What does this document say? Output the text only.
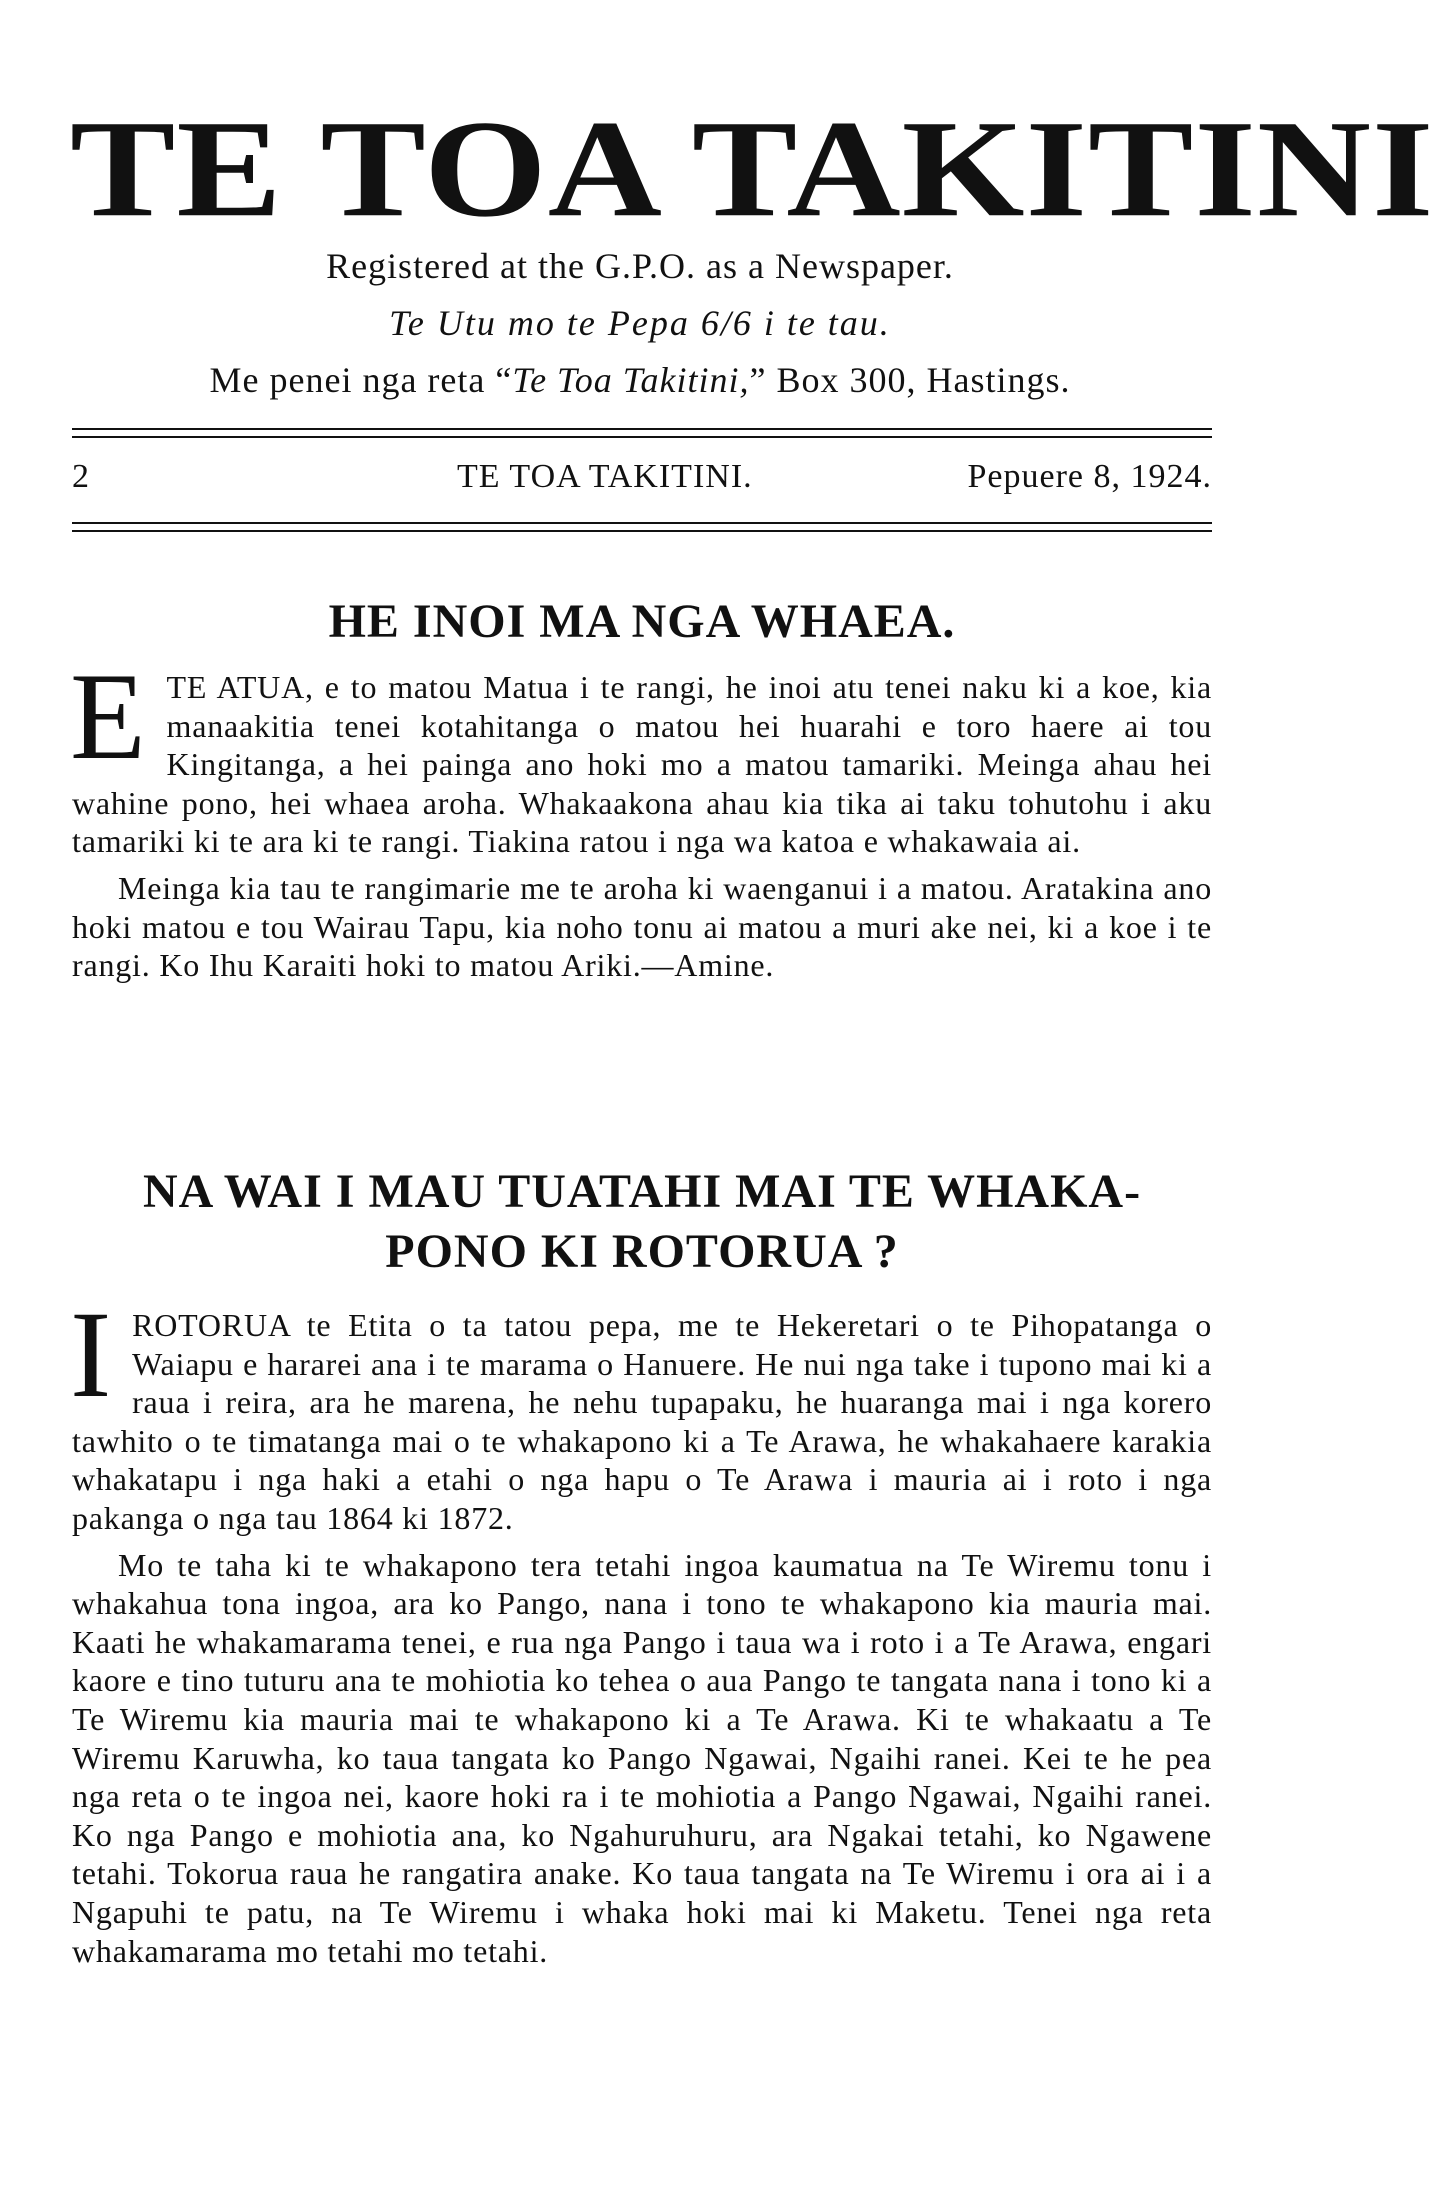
TE TOA TAKITINI
Registered at the G.P.O. as a Newspaper.
Te Utu mo te Pepa 6/6 i te tau.
Me penei nga reta “Te Toa Takitini,” Box 300, Hastings.
2	TE TOA TAKITINI.	Pepuere 8, 1924.
HE INOI MA NGA WHAEA.

E TE ATUA, e to matou Matua i te rangi, he inoi atu tenei naku ki a koe, kia manaakitia tenei kotahitanga o matou hei huarahi e toro haere ai tou Kingitanga, a hei painga ano hoki mo a matou tamariki. Meinga ahau hei wahine pono, hei whaea aroha. Whakaakona ahau kia tika ai taku tohutohu i aku tamariki ki te ara ki te rangi. Tiakina ratou i nga wa katoa e whakawaia ai.

Meinga kia tau te rangimarie me te aroha ki waenganui i a matou. Aratakina ano hoki matou e tou Wairau Tapu, kia noho tonu ai matou a muri ake nei, ki a koe i te rangi. Ko Ihu Karaiti hoki to matou Ariki.—Amine.

NA WAI I MAU TUATAHI MAI TE WHAKA-
PONO KI ROTORUA ?

I ROTORUA te Etita o ta tatou pepa, me te Hekeretari o te Pihopatanga o Waiapu e hararei ana i te marama o Hanuere. He nui nga take i tupono mai ki a raua i reira, ara he marena, he nehu tupapaku, he huaranga mai i nga korero tawhito o te timatanga mai o te whakapono ki a Te Arawa, he whakahaere karakia whakatapu i nga haki a etahi o nga hapu o Te Arawa i mauria ai i roto i nga pakanga o nga tau 1864 ki 1872.

Mo te taha ki te whakapono tera tetahi ingoa kaumatua na Te Wiremu tonu i whakahua tona ingoa, ara ko Pango, nana i tono te whakapono kia mauria mai. Kaati he whakamarama tenei, e rua nga Pango i taua wa i roto i a Te Arawa, engari kaore e tino tuturu ana te mohiotia ko tehea o aua Pango te tangata nana i tono ki a Te Wiremu kia mauria mai te whakapono ki a Te Arawa. Ki te whakaatu a Te Wiremu Karuwha, ko taua tangata ko Pango Ngawai, Ngaihi ranei. Kei te he pea nga reta o te ingoa nei, kaore hoki ra i te mohiotia a Pango Ngawai, Ngaihi ranei. Ko nga Pango e mohiotia ana, ko Ngahuruhuru, ara Ngakai tetahi, ko Ngawene tetahi. Tokorua raua he rangatira anake. Ko taua tangata na Te Wiremu i ora ai i a Ngapuhi te patu, na Te Wiremu i whaka hoki mai ki Maketu. Tenei nga reta whakamarama mo tetahi mo tetahi.
